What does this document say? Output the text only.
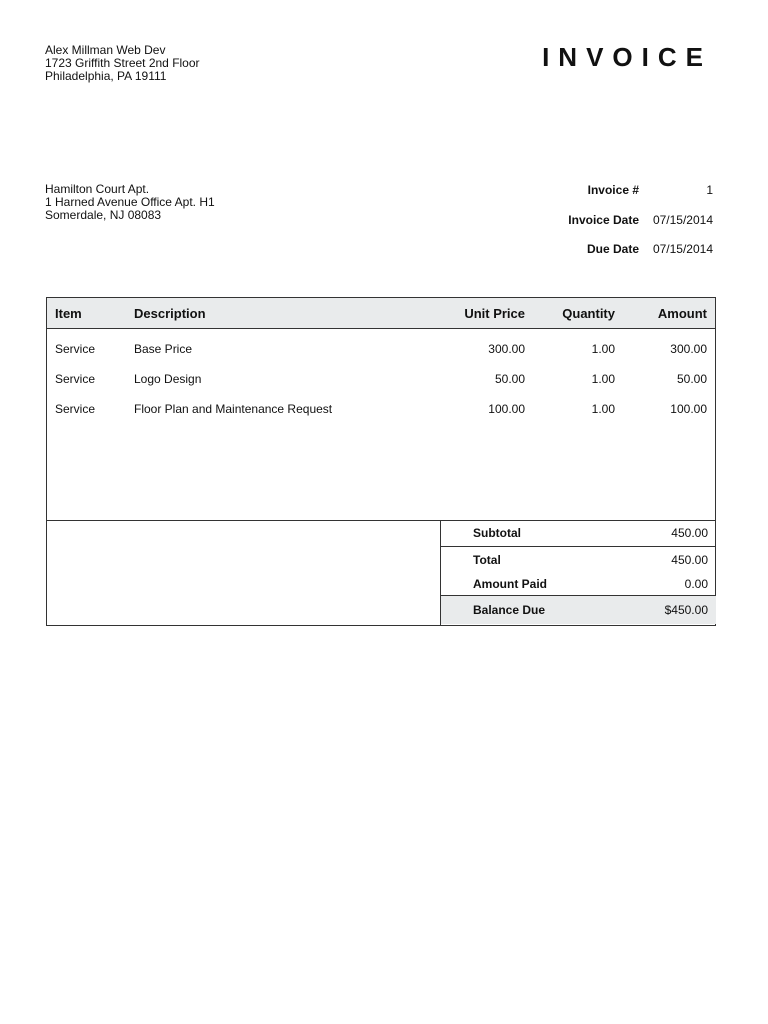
Alex Millman Web Dev
1723 Griffith Street 2nd Floor
Philadelphia, PA 19111
INVOICE
Hamilton Court Apt.
1 Harned Avenue Office Apt. H1
Somerdale, NJ 08083
Invoice #	1
Invoice Date	07/15/2014
Due Date	07/15/2014
Item	Description	Unit Price	Quantity	Amount
Service	Base Price	300.00	1.00	300.00
Service	Logo Design	50.00	1.00	50.00
Service	Floor Plan and Maintenance Request	100.00	1.00	100.00
Subtotal	450.00
Total	450.00
Amount Paid	0.00
Balance Due	$450.00
